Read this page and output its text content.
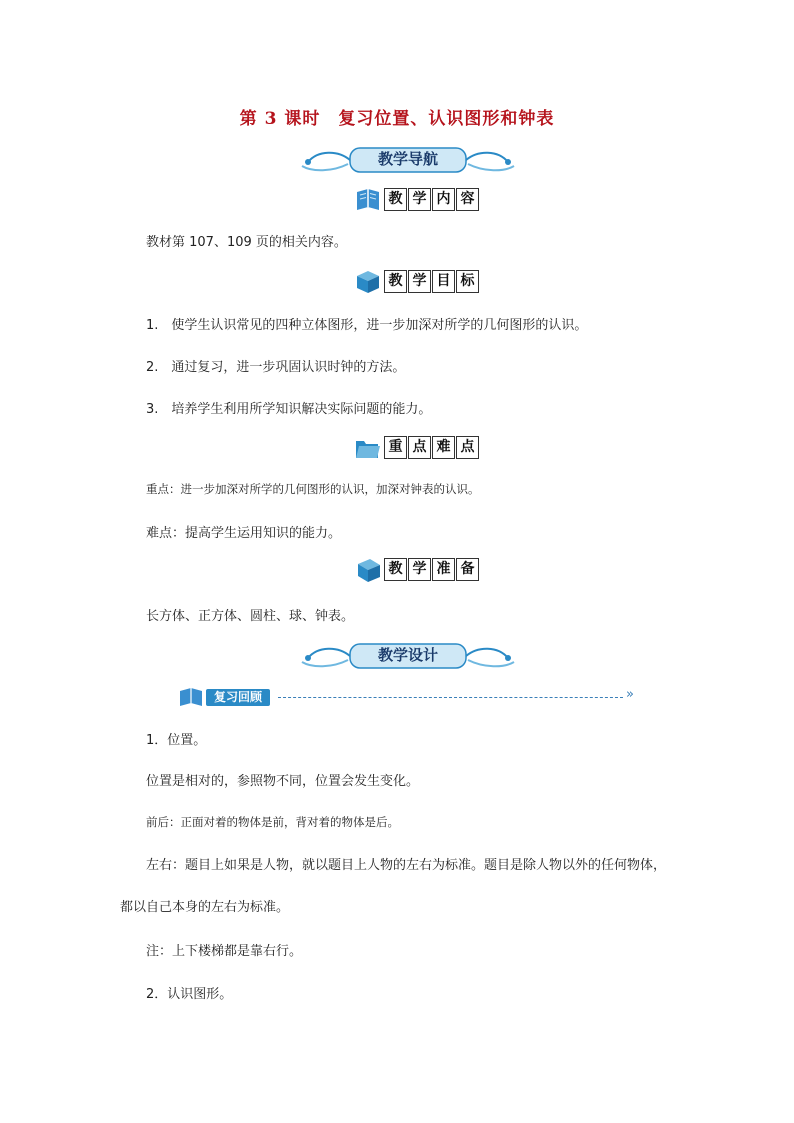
第 3 课时　复习位置、认识图形和钟表
教学导航
教 学 内 容
教材第 107、109 页的相关内容。
教 学 目 标
1.　使学生认识常见的四种立体图形，进一步加深对所学的几何图形的认识。
2.　通过复习，进一步巩固认识时钟的方法。
3.　培养学生利用所学知识解决实际问题的能力。
重 点 难 点
重点：进一步加深对所学的几何图形的认识，加深对钟表的认识。
难点：提高学生运用知识的能力。
教 学 准 备
长方体、正方体、圆柱、球、钟表。
教学设计
复习回顾	»
1．位置。
位置是相对的，参照物不同，位置会发生变化。
前后：正面对着的物体是前，背对着的物体是后。
左右：题目上如果是人物，就以题目上人物的左右为标准。题目是除人物以外的任何物体，
都以自己本身的左右为标准。
注：上下楼梯都是靠右行。
2．认识图形。
